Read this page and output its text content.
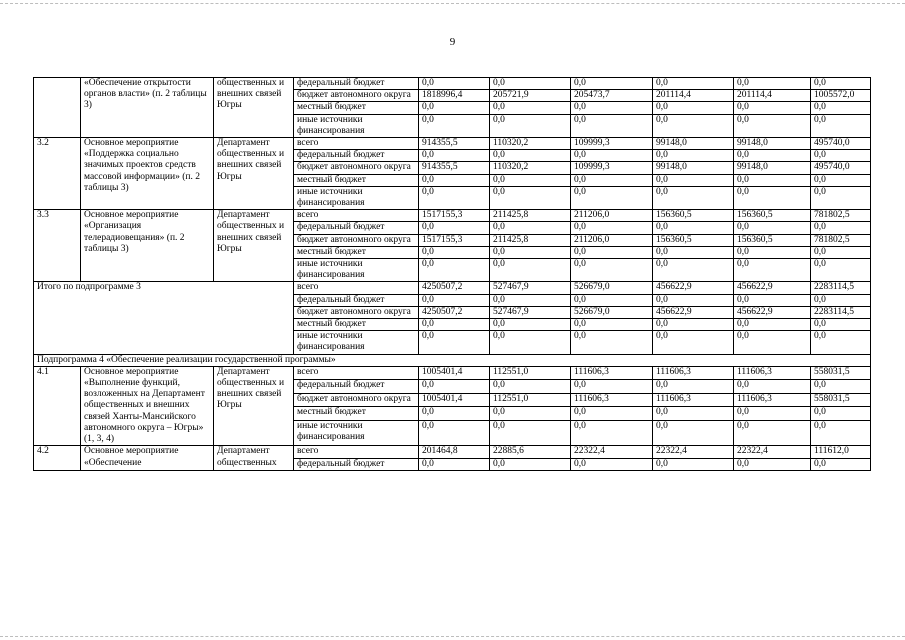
9
	«Обеспечение открытости органов власти» (п. 2 таблицы 3)	общественных и внешних связей Югры	федеральный бюджет	0,0	0,0	0,0	0,0	0,0	0,0
			бюджет автономного округа	1818996,4	205721,9	205473,7	201114,4	201114,4	1005572,0
			местный бюджет	0,0	0,0	0,0	0,0	0,0	0,0
			иные источники финансирования	0,0	0,0	0,0	0,0	0,0	0,0
3.2	Основное мероприятие «Поддержка социально значимых проектов средств массовой информации» (п. 2 таблицы 3)	Департамент общественных и внешних связей Югры	всего	914355,5	110320,2	109999,3	99148,0	99148,0	495740,0
			федеральный бюджет	0,0	0,0	0,0	0,0	0,0	0,0
			бюджет автономного округа	914355,5	110320,2	109999,3	99148,0	99148,0	495740,0
			местный бюджет	0,0	0,0	0,0	0,0	0,0	0,0
			иные источники финансирования	0,0	0,0	0,0	0,0	0,0	0,0
3.3	Основное мероприятие «Организация телерадиовещания» (п. 2 таблицы 3)	Департамент общественных и внешних связей Югры	всего	1517155,3	211425,8	211206,0	156360,5	156360,5	781802,5
			федеральный бюджет	0,0	0,0	0,0	0,0	0,0	0,0
			бюджет автономного округа	1517155,3	211425,8	211206,0	156360,5	156360,5	781802,5
			местный бюджет	0,0	0,0	0,0	0,0	0,0	0,0
			иные источники финансирования	0,0	0,0	0,0	0,0	0,0	0,0
Итого по подпрограмме 3			всего	4250507,2	527467,9	526679,0	456622,9	456622,9	2283114,5
			федеральный бюджет	0,0	0,0	0,0	0,0	0,0	0,0
			бюджет автономного округа	4250507,2	527467,9	526679,0	456622,9	456622,9	2283114,5
			местный бюджет	0,0	0,0	0,0	0,0	0,0	0,0
			иные источники финансирования	0,0	0,0	0,0	0,0	0,0	0,0
Подпрограмма 4 «Обеспечение реализации государственной программы»									
4.1	Основное мероприятие «Выполнение функций, возложенных на Департамент общественных и внешних связей Ханты-Мансийского автономного округа – Югры» (1, 3, 4)	Департамент общественных и внешних связей Югры	всего	1005401,4	112551,0	111606,3	111606,3	111606,3	558031,5
			федеральный бюджет	0,0	0,0	0,0	0,0	0,0	0,0
			бюджет автономного округа	1005401,4	112551,0	111606,3	111606,3	111606,3	558031,5
			местный бюджет	0,0	0,0	0,0	0,0	0,0	0,0
			иные источники финансирования	0,0	0,0	0,0	0,0	0,0	0,0
4.2	Основное мероприятие «Обеспечение	Департамент общественных	всего	201464,8	22885,6	22322,4	22322,4	22322,4	111612,0
			федеральный бюджет	0,0	0,0	0,0	0,0	0,0	0,0
